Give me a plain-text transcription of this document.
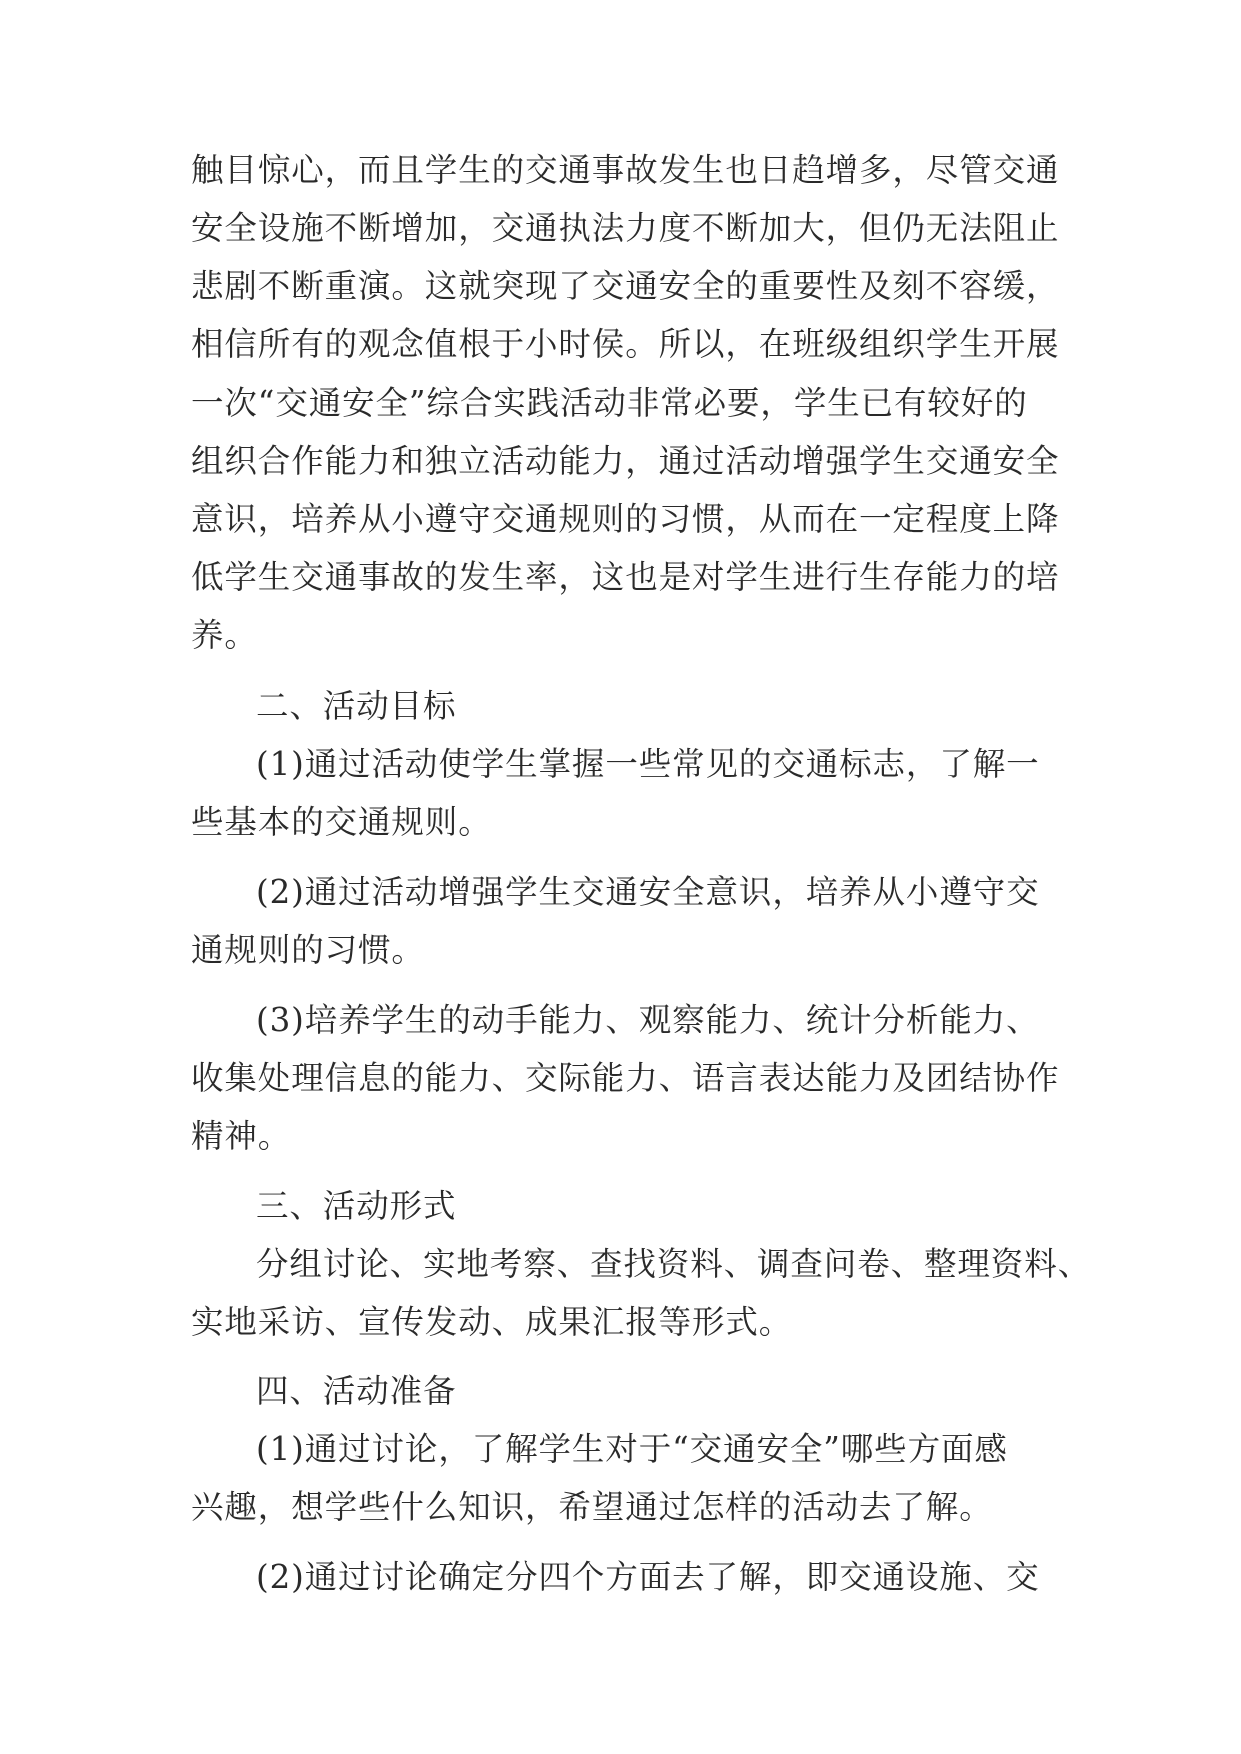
触目惊心，而且学生的交通事故发生也日趋增多，尽管交通
安全设施不断增加，交通执法力度不断加大，但仍无法阻止
悲剧不断重演。这就突现了交通安全的重要性及刻不容缓，
相信所有的观念值根于小时侯。所以，在班级组织学生开展
一次“交通安全”综合实践活动非常必要，学生已有较好的
组织合作能力和独立活动能力，通过活动增强学生交通安全
意识，培养从小遵守交通规则的习惯，从而在一定程度上降
低学生交通事故的发生率，这也是对学生进行生存能力的培
养。
二、活动目标
(1)通过活动使学生掌握一些常见的交通标志，了解一
些基本的交通规则。
(2)通过活动增强学生交通安全意识，培养从小遵守交
通规则的习惯。
(3)培养学生的动手能力、观察能力、统计分析能力、
收集处理信息的能力、交际能力、语言表达能力及团结协作
精神。
三、活动形式
分组讨论、实地考察、查找资料、调查问卷、整理资料、
实地采访、宣传发动、成果汇报等形式。
四、活动准备
(1)通过讨论，了解学生对于“交通安全”哪些方面感
兴趣，想学些什么知识，希望通过怎样的活动去了解。
(2)通过讨论确定分四个方面去了解，即交通设施、交
